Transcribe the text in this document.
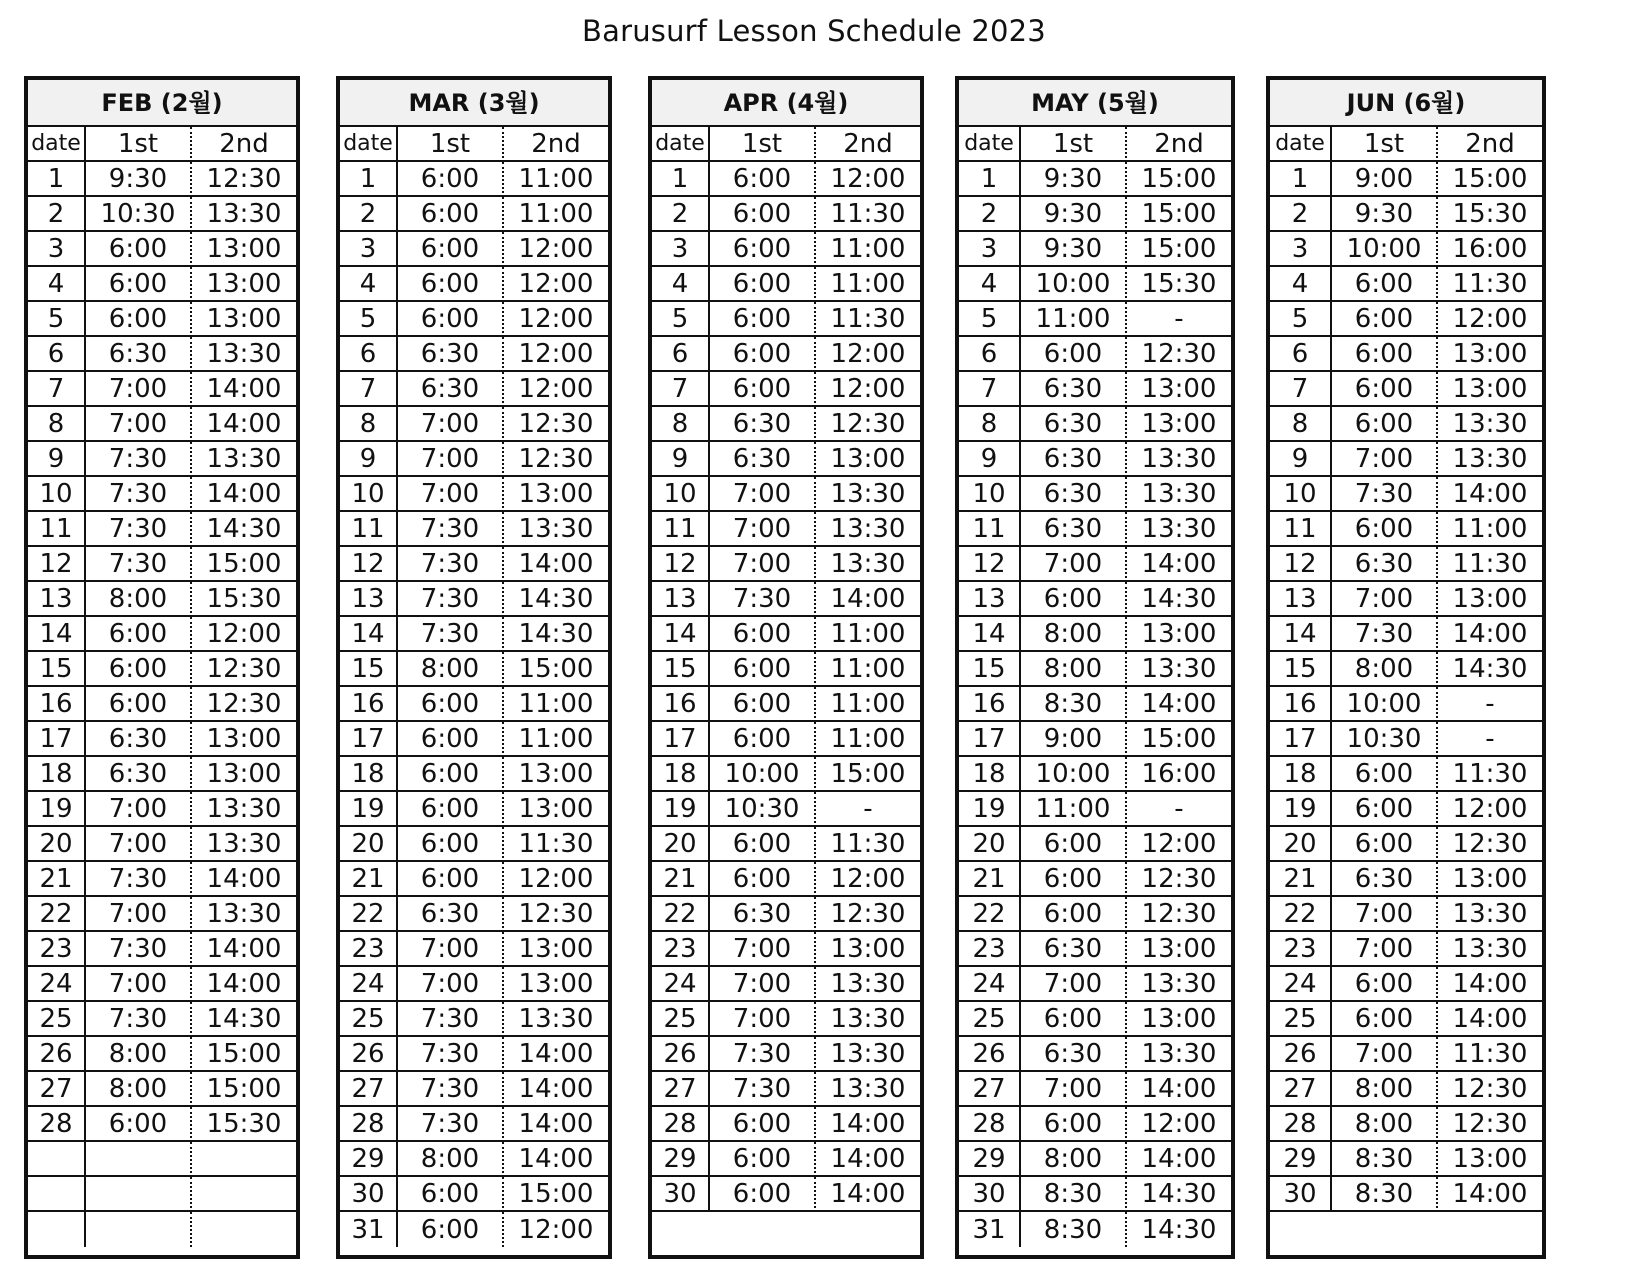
Barusurf Lesson Schedule 2023
FEB (2월)
date	1st	2nd
1	9:30	12:30
2	10:30	13:30
3	6:00	13:00
4	6:00	13:00
5	6:00	13:00
6	6:30	13:30
7	7:00	14:00
8	7:00	14:00
9	7:30	13:30
10	7:30	14:00
11	7:30	14:30
12	7:30	15:00
13	8:00	15:30
14	6:00	12:00
15	6:00	12:30
16	6:00	12:30
17	6:30	13:00
18	6:30	13:00
19	7:00	13:30
20	7:00	13:30
21	7:30	14:00
22	7:00	13:30
23	7:30	14:00
24	7:00	14:00
25	7:30	14:30
26	8:00	15:00
27	8:00	15:00
28	6:00	15:30
MAR (3월)
date	1st	2nd
1	6:00	11:00
2	6:00	11:00
3	6:00	12:00
4	6:00	12:00
5	6:00	12:00
6	6:30	12:00
7	6:30	12:00
8	7:00	12:30
9	7:00	12:30
10	7:00	13:00
11	7:30	13:30
12	7:30	14:00
13	7:30	14:30
14	7:30	14:30
15	8:00	15:00
16	6:00	11:00
17	6:00	11:00
18	6:00	13:00
19	6:00	13:00
20	6:00	11:30
21	6:00	12:00
22	6:30	12:30
23	7:00	13:00
24	7:00	13:00
25	7:30	13:30
26	7:30	14:00
27	7:30	14:00
28	7:30	14:00
29	8:00	14:00
30	6:00	15:00
31	6:00	12:00
APR (4월)
date	1st	2nd
1	6:00	12:00
2	6:00	11:30
3	6:00	11:00
4	6:00	11:00
5	6:00	11:30
6	6:00	12:00
7	6:00	12:00
8	6:30	12:30
9	6:30	13:00
10	7:00	13:30
11	7:00	13:30
12	7:00	13:30
13	7:30	14:00
14	6:00	11:00
15	6:00	11:00
16	6:00	11:00
17	6:00	11:00
18	10:00	15:00
19	10:30	-
20	6:00	11:30
21	6:00	12:00
22	6:30	12:30
23	7:00	13:00
24	7:00	13:30
25	7:00	13:30
26	7:30	13:30
27	7:30	13:30
28	6:00	14:00
29	6:00	14:00
30	6:00	14:00
MAY (5월)
date	1st	2nd
1	9:30	15:00
2	9:30	15:00
3	9:30	15:00
4	10:00	15:30
5	11:00	-
6	6:00	12:30
7	6:30	13:00
8	6:30	13:00
9	6:30	13:30
10	6:30	13:30
11	6:30	13:30
12	7:00	14:00
13	6:00	14:30
14	8:00	13:00
15	8:00	13:30
16	8:30	14:00
17	9:00	15:00
18	10:00	16:00
19	11:00	-
20	6:00	12:00
21	6:00	12:30
22	6:00	12:30
23	6:30	13:00
24	7:00	13:30
25	6:00	13:00
26	6:30	13:30
27	7:00	14:00
28	6:00	12:00
29	8:00	14:00
30	8:30	14:30
31	8:30	14:30
JUN (6월)
date	1st	2nd
1	9:00	15:00
2	9:30	15:30
3	10:00	16:00
4	6:00	11:30
5	6:00	12:00
6	6:00	13:00
7	6:00	13:00
8	6:00	13:30
9	7:00	13:30
10	7:30	14:00
11	6:00	11:00
12	6:30	11:30
13	7:00	13:00
14	7:30	14:00
15	8:00	14:30
16	10:00	-
17	10:30	-
18	6:00	11:30
19	6:00	12:00
20	6:00	12:30
21	6:30	13:00
22	7:00	13:30
23	7:00	13:30
24	6:00	14:00
25	6:00	14:00
26	7:00	11:30
27	8:00	12:30
28	8:00	12:30
29	8:30	13:00
30	8:30	14:00
